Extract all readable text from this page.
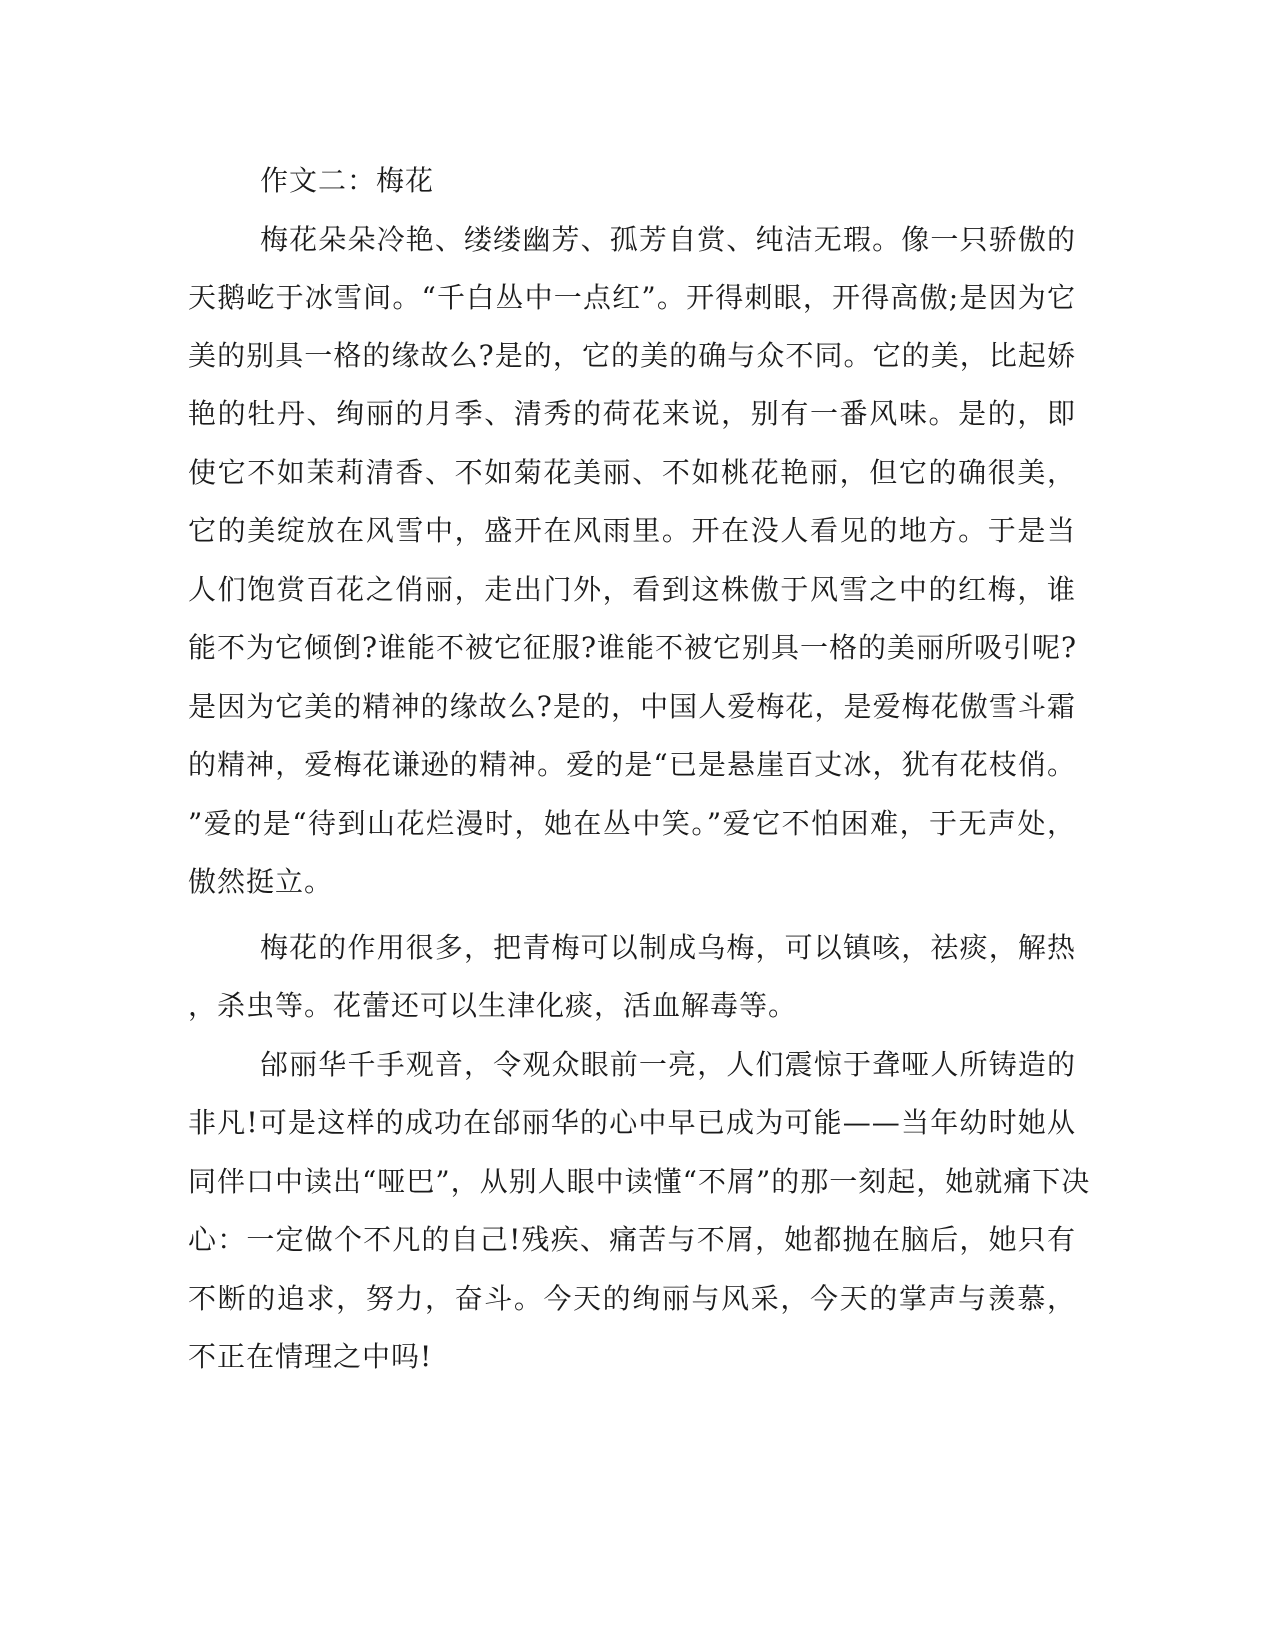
作文二：梅花
梅花朵朵冷艳、缕缕幽芳、孤芳自赏、纯洁无瑕。像一只骄傲的
天鹅屹于冰雪间。“千白丛中一点红”。开得刺眼，开得高傲;是因为它
美的别具一格的缘故么?是的，它的美的确与众不同。它的美，比起娇
艳的牡丹、绚丽的月季、清秀的荷花来说，别有一番风味。是的，即
使它不如茉莉清香、不如菊花美丽、不如桃花艳丽，但它的确很美，
它的美绽放在风雪中，盛开在风雨里。开在没人看见的地方。于是当
人们饱赏百花之俏丽，走出门外，看到这株傲于风雪之中的红梅，谁
能不为它倾倒?谁能不被它征服?谁能不被它别具一格的美丽所吸引呢?
是因为它美的精神的缘故么?是的，中国人爱梅花，是爱梅花傲雪斗霜
的精神，爱梅花谦逊的精神。爱的是“已是悬崖百丈冰，犹有花枝俏。
”爱的是“待到山花烂漫时，她在丛中笑。”爱它不怕困难，于无声处，
傲然挺立。
梅花的作用很多，把青梅可以制成乌梅，可以镇咳，祛痰，解热
，杀虫等。花蕾还可以生津化痰，活血解毒等。
邰丽华千手观音，令观众眼前一亮，人们震惊于聋哑人所铸造的
非凡!可是这样的成功在邰丽华的心中早已成为可能——当年幼时她从
同伴口中读出“哑巴”，从别人眼中读懂“不屑”的那一刻起，她就痛下决
心：一定做个不凡的自己!残疾、痛苦与不屑，她都抛在脑后，她只有
不断的追求，努力，奋斗。今天的绚丽与风采，今天的掌声与羡慕，
不正在情理之中吗!
